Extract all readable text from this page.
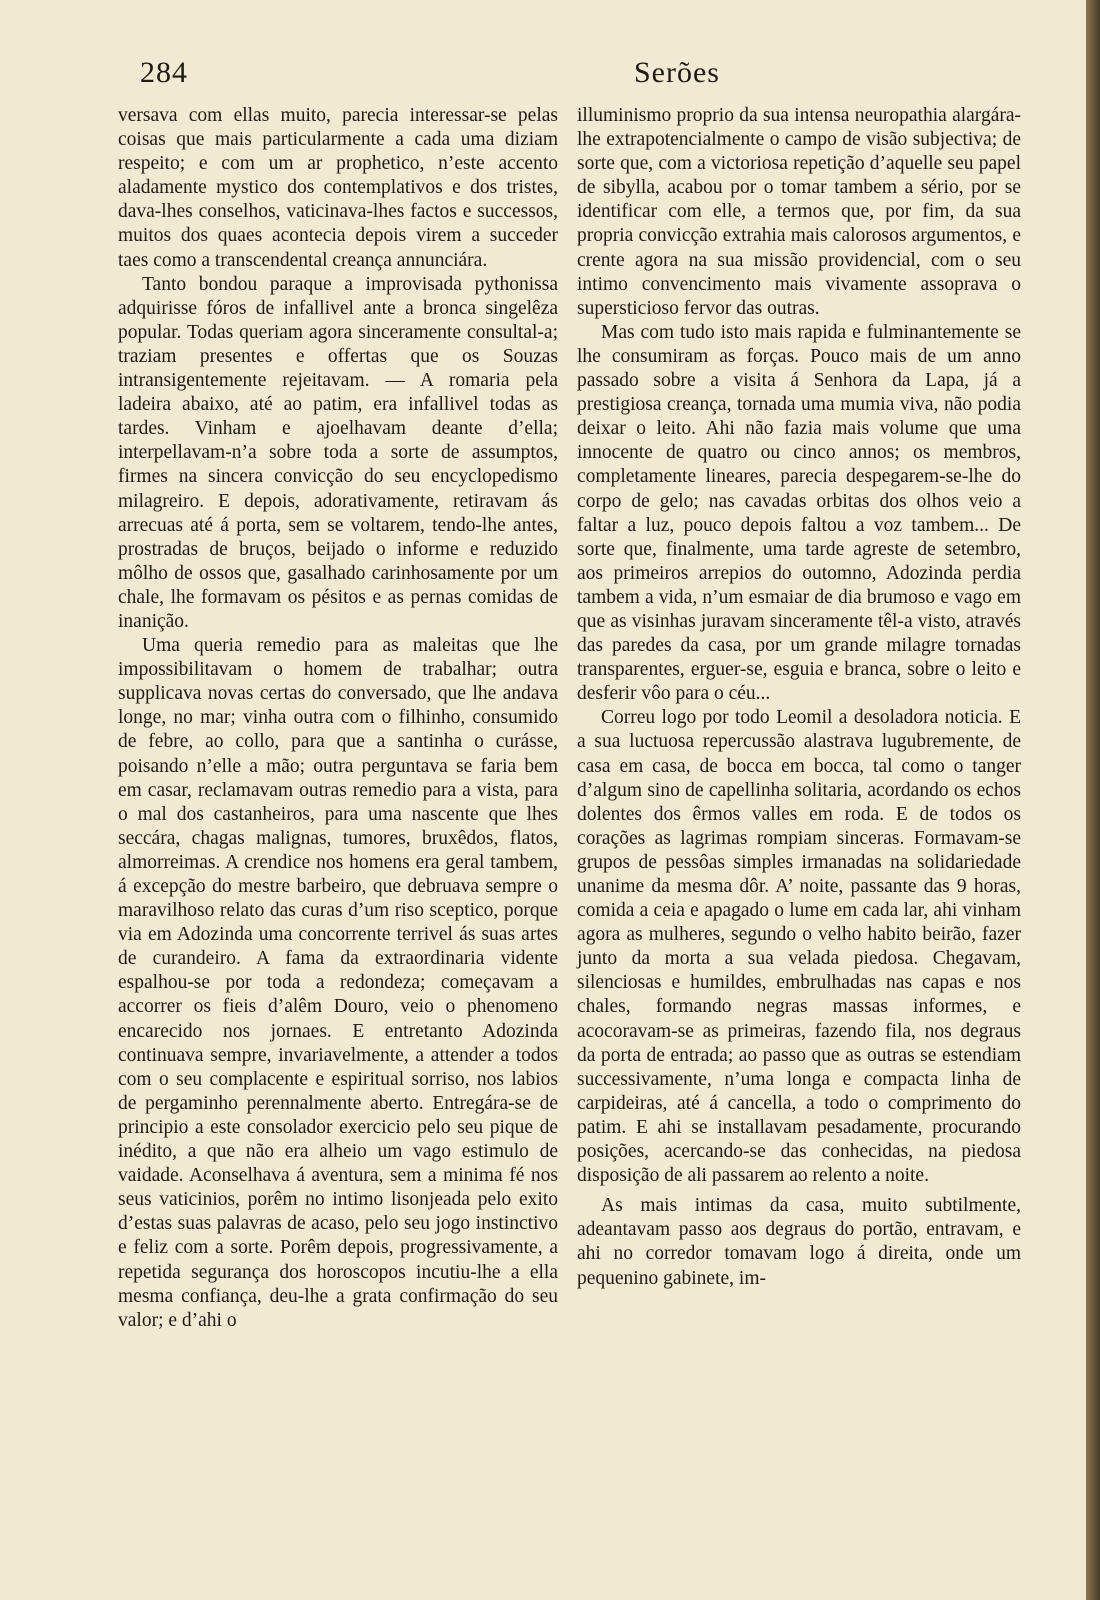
284	Serões

versava com ellas muito, parecia interessar-se pelas coisas que mais particularmente a cada uma diziam respeito; e com um ar prophetico, n’este accento aladamente mystico dos contemplativos e dos tristes, dava-lhes conselhos, vaticinava-lhes factos e successos, muitos dos quaes acontecia depois virem a succeder taes como a transcendental creança annunciára.

Tanto bondou paraque a improvisada pythonissa adquirisse fóros de infallivel ante a bronca singelêza popular. Todas queriam agora sinceramente consultal-a; traziam presentes e offertas que os Souzas intransigentemente rejeitavam. — A romaria pela ladeira abaixo, até ao patim, era infallivel todas as tardes. Vinham e ajoelhavam deante d’ella; interpellavam-n’a sobre toda a sorte de assumptos, firmes na sincera convicção do seu encyclopedismo milagreiro. E depois, adorativamente, retiravam ás arrecuas até á porta, sem se voltarem, tendo-lhe antes, prostradas de bruços, beijado o informe e reduzido môlho de ossos que, gasalhado carinhosamente por um chale, lhe formavam os pésitos e as pernas comidas de inanição.

Uma queria remedio para as maleitas que lhe impossibilitavam o homem de trabalhar; outra supplicava novas certas do conversado, que lhe andava longe, no mar; vinha outra com o filhinho, consumido de febre, ao collo, para que a santinha o curásse, poisando n’elle a mão; outra perguntava se faria bem em casar, reclamavam outras remedio para a vista, para o mal dos castanheiros, para uma nascente que lhes seccára, chagas malignas, tumores, bruxêdos, flatos, almorreimas. A crendice nos homens era geral tambem, á excepção do mestre barbeiro, que debruava sempre o maravilhoso relato das curas d’um riso sceptico, porque via em Adozinda uma concorrente terrivel ás suas artes de curandeiro. A fama da extraordinaria vidente espalhou-se por toda a redondeza; começavam a accorrer os fieis d’alêm Douro, veio o phenomeno encarecido nos jornaes. E entretanto Adozinda continuava sempre, invariavelmente, a attender a todos com o seu complacente e espiritual sorriso, nos labios de pergaminho perennalmente aberto. Entregára-se de principio a este consolador exercicio pelo seu pique de inédito, a que não era alheio um vago estimulo de vaidade. Aconselhava á aventura, sem a minima fé nos seus vaticinios, porêm no intimo lisonjeada pelo exito d’estas suas palavras de acaso, pelo seu jogo instinctivo e feliz com a sorte. Porêm depois, progressivamente, a repetida segurança dos horoscopos incutiu-lhe a ella mesma confiança, deu-lhe a grata confirmação do seu valor; e d’ahi o

illuminismo proprio da sua intensa neuropathia alargára-lhe extrapotencialmente o campo de visão subjectiva; de sorte que, com a victoriosa repetição d’aquelle seu papel de sibylla, acabou por o tomar tambem a sério, por se identificar com elle, a termos que, por fim, da sua propria convicção extrahia mais calorosos argumentos, e crente agora na sua missão providencial, com o seu intimo convencimento mais vivamente assoprava o supersticioso fervor das outras.

Mas com tudo isto mais rapida e fulminantemente se lhe consumiram as forças. Pouco mais de um anno passado sobre a visita á Senhora da Lapa, já a prestigiosa creança, tornada uma mumia viva, não podia deixar o leito. Ahi não fazia mais volume que uma innocente de quatro ou cinco annos; os membros, completamente lineares, parecia despegarem-se-lhe do corpo de gelo; nas cavadas orbitas dos olhos veio a faltar a luz, pouco depois faltou a voz tambem... De sorte que, finalmente, uma tarde agreste de setembro, aos primeiros arrepios do outomno, Adozinda perdia tambem a vida, n’um esmaiar de dia brumoso e vago em que as visinhas juravam sinceramente têl-a visto, através das paredes da casa, por um grande milagre tornadas transparentes, erguer-se, esguia e branca, sobre o leito e desferir vôo para o céu...

Correu logo por todo Leomil a desoladora noticia. E a sua luctuosa repercussão alastrava lugubremente, de casa em casa, de bocca em bocca, tal como o tanger d’algum sino de capellinha solitaria, acordando os echos dolentes dos êrmos valles em roda. E de todos os corações as lagrimas rompiam sinceras. Formavam-se grupos de pessôas simples irmanadas na solidariedade unanime da mesma dôr. A’ noite, passante das 9 horas, comida a ceia e apagado o lume em cada lar, ahi vinham agora as mulheres, segundo o velho habito beirão, fazer junto da morta a sua velada piedosa. Chegavam, silenciosas e humildes, embrulhadas nas capas e nos chales, formando negras massas informes, e acocoravam-se as primeiras, fazendo fila, nos degraus da porta de entrada; ao passo que as outras se estendiam successivamente, n’uma longa e compacta linha de carpideiras, até á cancella, a todo o comprimento do patim. E ahi se installavam pesadamente, procurando posições, acercando-se das conhecidas, na piedosa disposição de ali passarem ao relento a noite.

As mais intimas da casa, muito subtilmente, adeantavam passo aos degraus do portão, entravam, e ahi no corredor tomavam logo á direita, onde um pequenino gabinete, im-
